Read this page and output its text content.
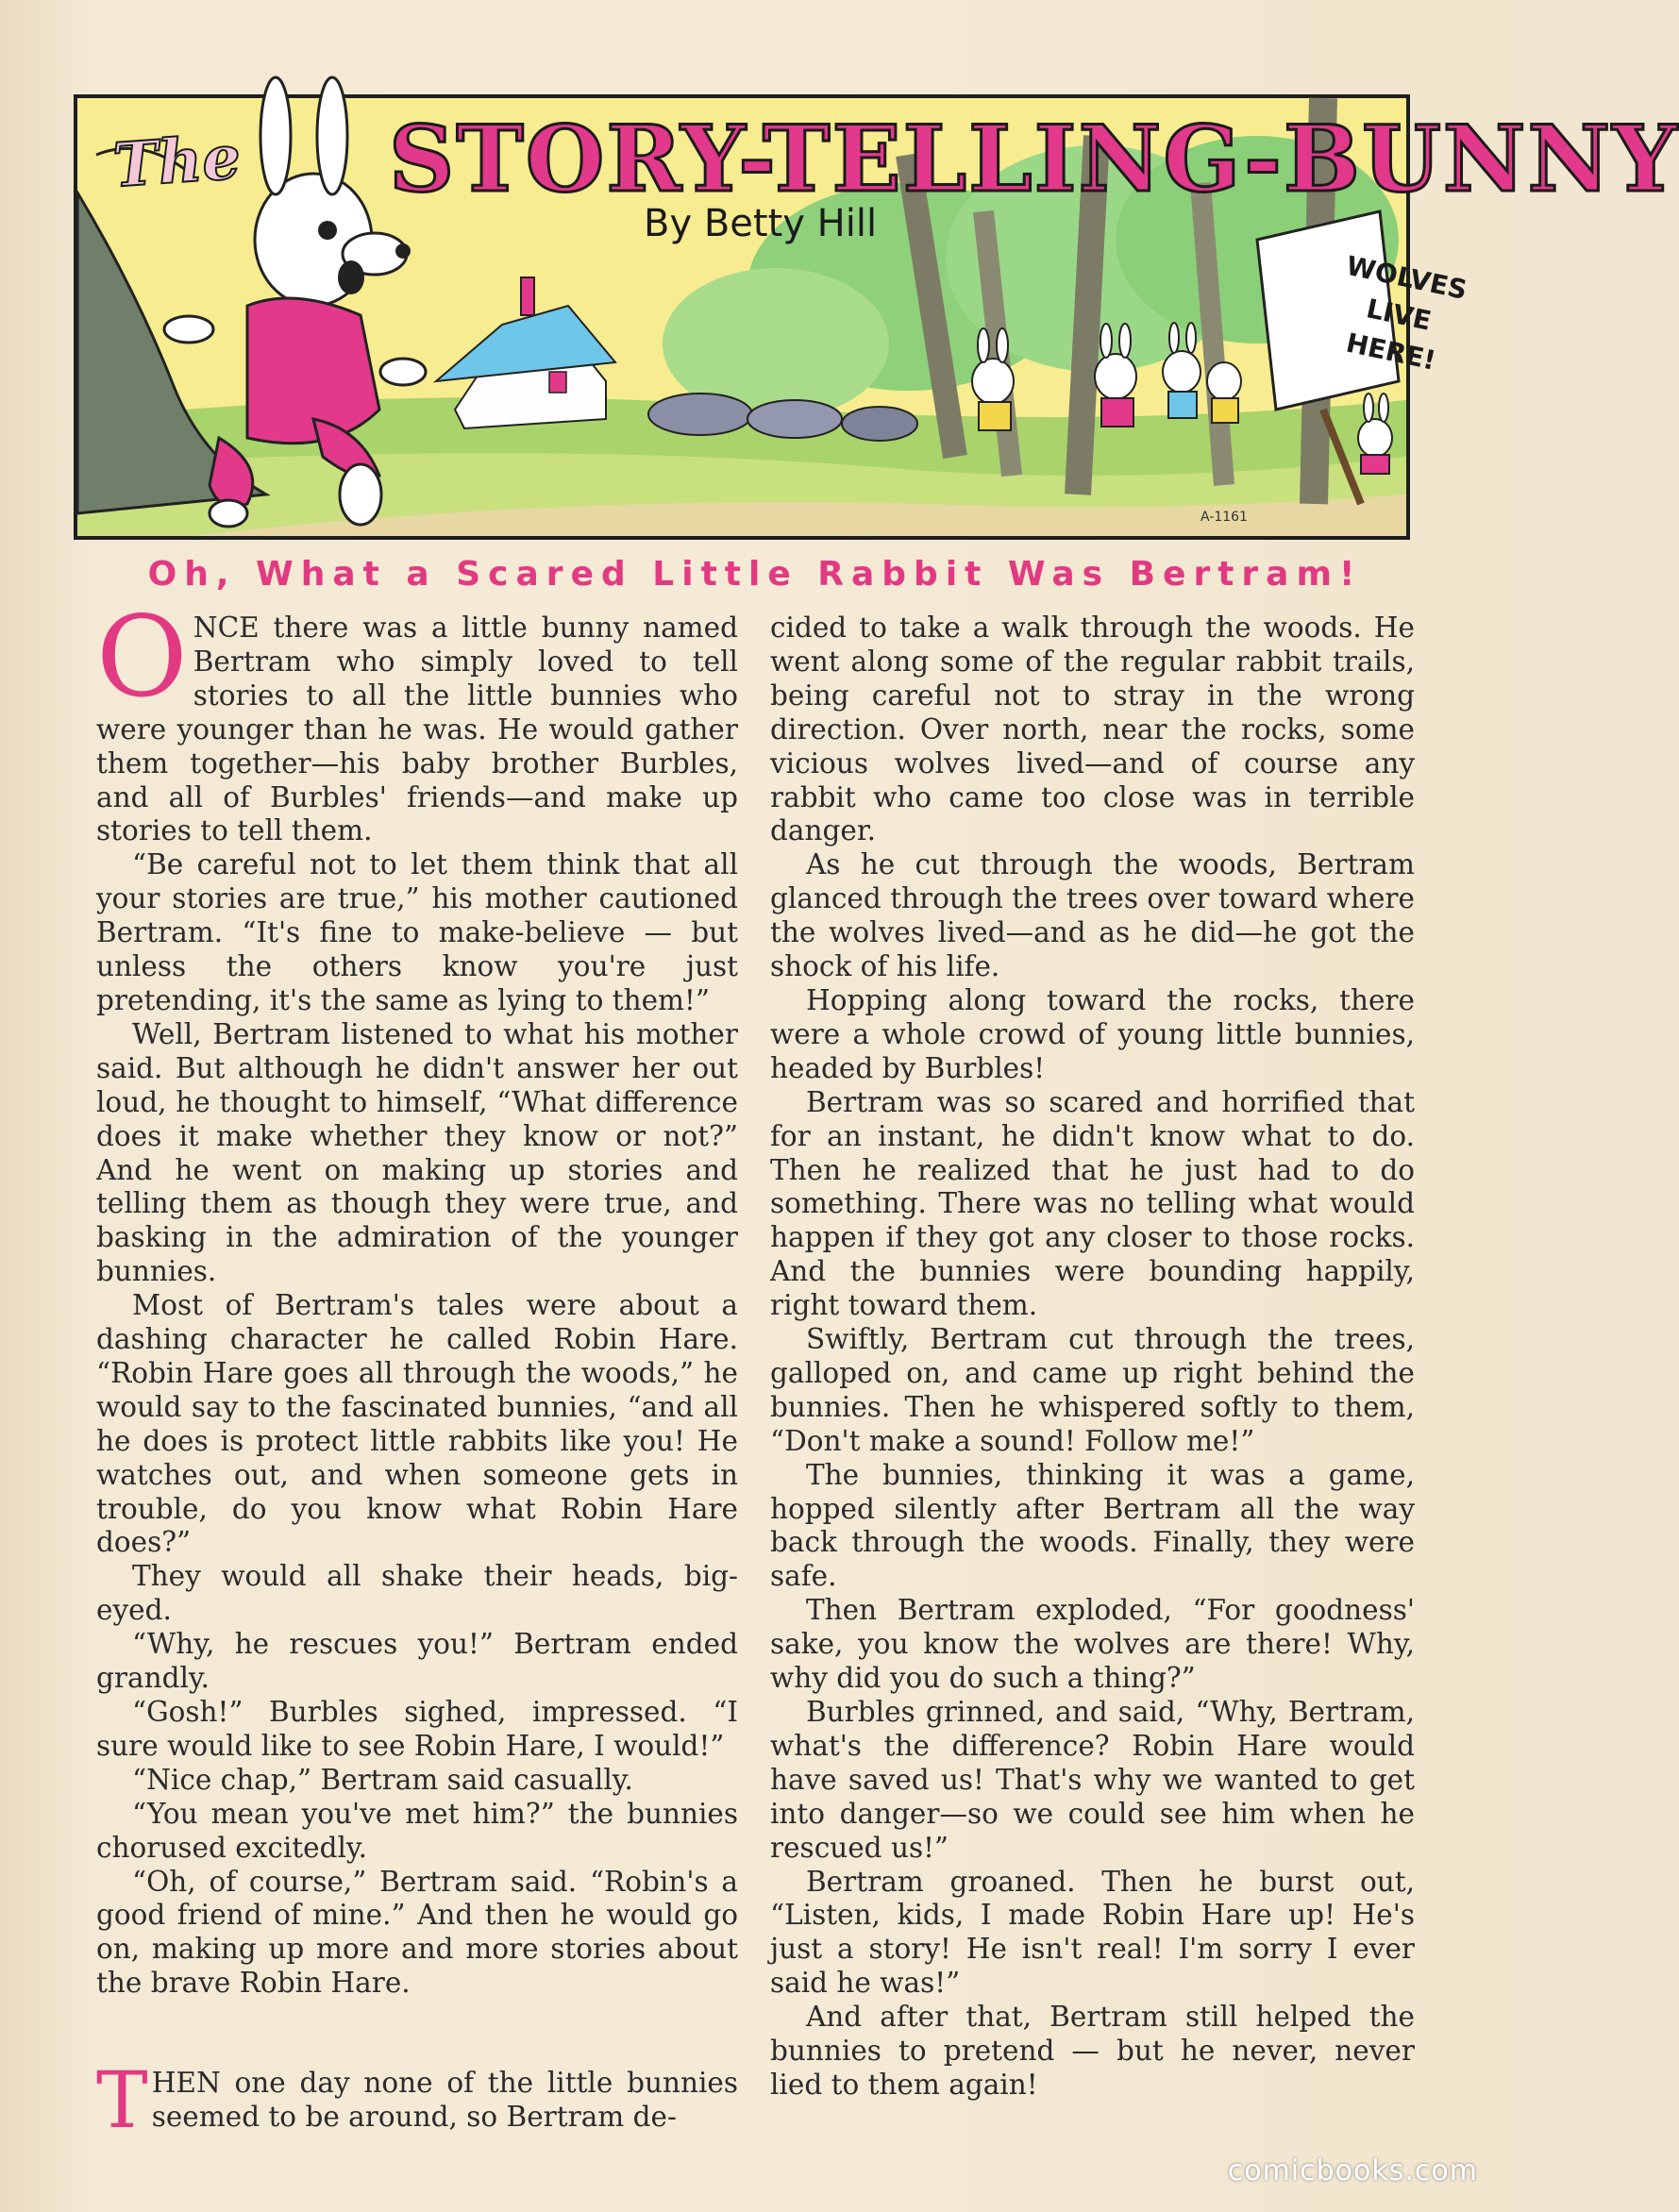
The STORY-TELLING-BUNNY
By Betty Hill
WOLVES LIVE HERE!
A-1161
Oh, What a Scared Little Rabbit Was Bertram!

ONCE there was a little bunny named Bertram who simply loved to tell stories to all the little bunnies who were younger than he was. He would gather them together—his baby brother Burbles, and all of Burbles' friends—and make up stories to tell them.

“Be careful not to let them think that all your stories are true,” his mother cautioned Bertram. “It's fine to make-believe — but unless the others know you're just pretending, it's the same as lying to them!”

Well, Bertram listened to what his mother said. But although he didn't answer her out loud, he thought to himself, “What difference does it make whether they know or not?” And he went on making up stories and telling them as though they were true, and basking in the admiration of the younger bunnies.

Most of Bertram's tales were about a dashing character he called Robin Hare. “Robin Hare goes all through the woods,” he would say to the fascinated bunnies, “and all he does is protect little rabbits like you! He watches out, and when someone gets in trouble, do you know what Robin Hare does?”

They would all shake their heads, big-eyed.

“Why, he rescues you!” Bertram ended grandly.

“Gosh!” Burbles sighed, impressed. “I sure would like to see Robin Hare, I would!”

“Nice chap,” Bertram said casually.

“You mean you've met him?” the bunnies chorused excitedly.

“Oh, of course,” Bertram said. “Robin's a good friend of mine.” And then he would go on, making up more and more stories about the brave Robin Hare.

THEN one day none of the little bunnies seemed to be around, so Bertram de-

cided to take a walk through the woods. He went along some of the regular rabbit trails, being careful not to stray in the wrong direction. Over north, near the rocks, some vicious wolves lived—and of course any rabbit who came too close was in terrible danger.

As he cut through the woods, Bertram glanced through the trees over toward where the wolves lived—and as he did—he got the shock of his life.

Hopping along toward the rocks, there were a whole crowd of young little bunnies, headed by Burbles!

Bertram was so scared and horrified that for an instant, he didn't know what to do. Then he realized that he just had to do something. There was no telling what would happen if they got any closer to those rocks. And the bunnies were bounding happily, right toward them.

Swiftly, Bertram cut through the trees, galloped on, and came up right behind the bunnies. Then he whispered softly to them, “Don't make a sound! Follow me!”

The bunnies, thinking it was a game, hopped silently after Bertram all the way back through the woods. Finally, they were safe.

Then Bertram exploded, “For goodness' sake, you know the wolves are there! Why, why did you do such a thing?”

Burbles grinned, and said, “Why, Bertram, what's the difference? Robin Hare would have saved us! That's why we wanted to get into danger—so we could see him when he rescued us!”

Bertram groaned. Then he burst out, “Listen, kids, I made Robin Hare up! He's just a story! He isn't real! I'm sorry I ever said he was!”

And after that, Bertram still helped the bunnies to pretend — but he never, never lied to them again!

comicbooks.com
